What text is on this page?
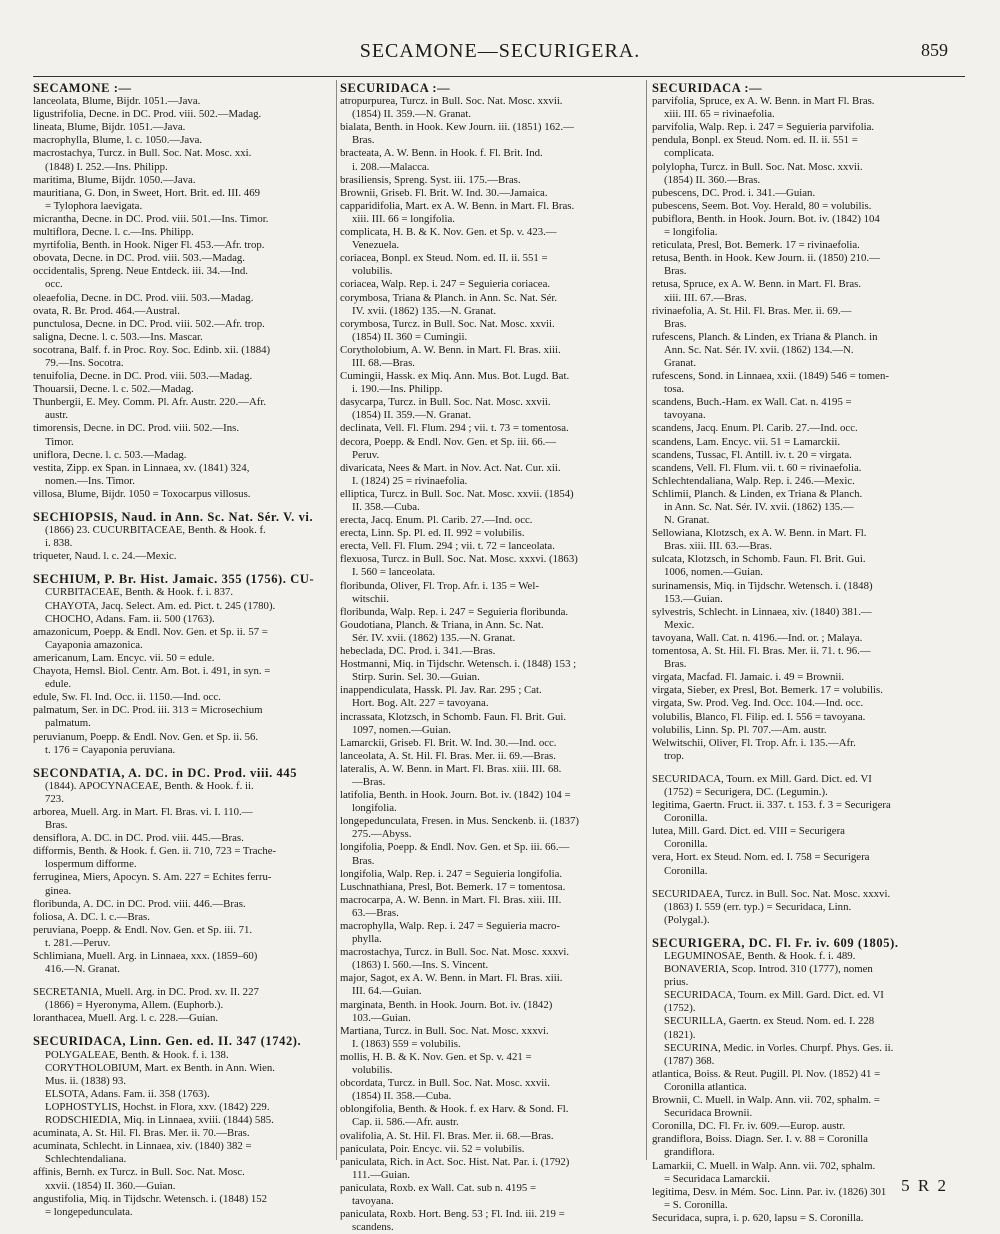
SECAMONE—SECURIGERA.	859
SECAMONE :—
lanceolata, Blume, Bijdr. 1051.—Java.
ligustrifolia, Decne. in DC. Prod. viii. 502.—Madag.
lineata, Blume, Bijdr. 1051.—Java.
macrophylla, Blume, l. c. 1050.—Java.
macrostachya, Turcz. in Bull. Soc. Nat. Mosc. xxi.
(1848) I. 252.—Ins. Philipp.
maritima, Blume, Bijdr. 1050.—Java.
mauritiana, G. Don, in Sweet, Hort. Brit. ed. III. 469
= Tylophora laevigata.
micrantha, Decne. in DC. Prod. viii. 501.—Ins. Timor.
multiflora, Decne. l. c.—Ins. Philipp.
myrtifolia, Benth. in Hook. Niger Fl. 453.—Afr. trop.
obovata, Decne. in DC. Prod. viii. 503.—Madag.
occidentalis, Spreng. Neue Entdeck. iii. 34.—Ind.
occ.
oleaefolia, Decne. in DC. Prod. viii. 503.—Madag.
ovata, R. Br. Prod. 464.—Austral.
punctulosa, Decne. in DC. Prod. viii. 502.—Afr. trop.
saligna, Decne. l. c. 503.—Ins. Mascar.
socotrana, Balf. f. in Proc. Roy. Soc. Edinb. xii. (1884)
79.—Ins. Socotra.
tenuifolia, Decne. in DC. Prod. viii. 503.—Madag.
Thouarsii, Decne. l. c. 502.—Madag.
Thunbergii, E. Mey. Comm. Pl. Afr. Austr. 220.—Afr.
austr.
timorensis, Decne. in DC. Prod. viii. 502.—Ins.
Timor.
uniflora, Decne. l. c. 503.—Madag.
vestita, Zipp. ex Span. in Linnaea, xv. (1841) 324,
nomen.—Ins. Timor.
villosa, Blume, Bijdr. 1050 = Toxocarpus villosus.
SECHIOPSIS, Naud. in Ann. Sc. Nat. Sér. V. vi.
(1866) 23. CUCURBITACEAE, Benth. & Hook. f.
i. 838.
triqueter, Naud. l. c. 24.—Mexic.
SECHIUM, P. Br. Hist. Jamaic. 355 (1756). CU-
CURBITACEAE, Benth. & Hook. f. i. 837.
CHAYOTA, Jacq. Select. Am. ed. Pict. t. 245 (1780).
CHOCHO, Adans. Fam. ii. 500 (1763).
amazonicum, Poepp. & Endl. Nov. Gen. et Sp. ii. 57 =
Cayaponia amazonica.
americanum, Lam. Encyc. vii. 50 = edule.
Chayota, Hemsl. Biol. Centr. Am. Bot. i. 491, in syn. =
edule.
edule, Sw. Fl. Ind. Occ. ii. 1150.—Ind. occ.
palmatum, Ser. in DC. Prod. iii. 313 = Microsechium
palmatum.
peruvianum, Poepp. & Endl. Nov. Gen. et Sp. ii. 56.
t. 176 = Cayaponia peruviana.
SECONDATIA, A. DC. in DC. Prod. viii. 445
(1844). APOCYNACEAE, Benth. & Hook. f. ii.
723.
arborea, Muell. Arg. in Mart. Fl. Bras. vi. I. 110.—
Bras.
densiflora, A. DC. in DC. Prod. viii. 445.—Bras.
difformis, Benth. & Hook. f. Gen. ii. 710, 723 = Trache-
lospermum difforme.
ferruginea, Miers, Apocyn. S. Am. 227 = Echites ferru-
ginea.
floribunda, A. DC. in DC. Prod. viii. 446.—Bras.
foliosa, A. DC. l. c.—Bras.
peruviana, Poepp. & Endl. Nov. Gen. et Sp. iii. 71.
t. 281.—Peruv.
Schlimiana, Muell. Arg. in Linnaea, xxx. (1859–60)
416.—N. Granat.
SECRETANIA, Muell. Arg. in DC. Prod. xv. II. 227
(1866) = Hyeronyma, Allem. (Euphorb.).
loranthacea, Muell. Arg. l. c. 228.—Guian.
SECURIDACA, Linn. Gen. ed. II. 347 (1742).
POLYGALEAE, Benth. & Hook. f. i. 138.
CORYTHOLOBIUM, Mart. ex Benth. in Ann. Wien.
Mus. ii. (1838) 93.
ELSOTA, Adans. Fam. ii. 358 (1763).
LOPHOSTYLIS, Hochst. in Flora, xxv. (1842) 229.
RODSCHIEDIA, Miq. in Linnaea, xviii. (1844) 585.
acuminata, A. St. Hil. Fl. Bras. Mer. ii. 70.—Bras.
acuminata, Schlecht. in Linnaea, xiv. (1840) 382 =
Schlechtendaliana.
affinis, Bernh. ex Turcz. in Bull. Soc. Nat. Mosc.
xxvii. (1854) II. 360.—Guian.
angustifolia, Miq. in Tijdschr. Wetensch. i. (1848) 152
= longepedunculata.
SECURIDACA :—
atropurpurea, Turcz. in Bull. Soc. Nat. Mosc. xxvii.
(1854) II. 359.—N. Granat.
bialata, Benth. in Hook. Kew Journ. iii. (1851) 162.—
Bras.
bracteata, A. W. Benn. in Hook. f. Fl. Brit. Ind.
i. 208.—Malacca.
brasiliensis, Spreng. Syst. iii. 175.—Bras.
Brownii, Griseb. Fl. Brit. W. Ind. 30.—Jamaica.
capparidifolia, Mart. ex A. W. Benn. in Mart. Fl. Bras.
xiii. III. 66 = longifolia.
complicata, H. B. & K. Nov. Gen. et Sp. v. 423.—
Venezuela.
coriacea, Bonpl. ex Steud. Nom. ed. II. ii. 551 =
volubilis.
coriacea, Walp. Rep. i. 247 = Seguieria coriacea.
corymbosa, Triana & Planch. in Ann. Sc. Nat. Sér.
IV. xvii. (1862) 135.—N. Granat.
corymbosa, Turcz. in Bull. Soc. Nat. Mosc. xxvii.
(1854) II. 360 = Cumingii.
Corytholobium, A. W. Benn. in Mart. Fl. Bras. xiii.
III. 68.—Bras.
Cumingii, Hassk. ex Miq. Ann. Mus. Bot. Lugd. Bat.
i. 190.—Ins. Philipp.
dasycarpa, Turcz. in Bull. Soc. Nat. Mosc. xxvii.
(1854) II. 359.—N. Granat.
declinata, Vell. Fl. Flum. 294 ; vii. t. 73 = tomentosa.
decora, Poepp. & Endl. Nov. Gen. et Sp. iii. 66.—
Peruv.
divaricata, Nees & Mart. in Nov. Act. Nat. Cur. xii.
I. (1824) 25 = rivinaefolia.
elliptica, Turcz. in Bull. Soc. Nat. Mosc. xxvii. (1854)
II. 358.—Cuba.
erecta, Jacq. Enum. Pl. Carib. 27.—Ind. occ.
erecta, Linn. Sp. Pl. ed. II. 992 = volubilis.
erecta, Vell. Fl. Flum. 294 ; vii. t. 72 = lanceolata.
flexuosa, Turcz. in Bull. Soc. Nat. Mosc. xxxvi. (1863)
I. 560 = lanceolata.
floribunda, Oliver, Fl. Trop. Afr. i. 135 = Wel-
witschii.
floribunda, Walp. Rep. i. 247 = Seguieria floribunda.
Goudotiana, Planch. & Triana, in Ann. Sc. Nat.
Sér. IV. xvii. (1862) 135.—N. Granat.
hebeclada, DC. Prod. i. 341.—Bras.
Hostmanni, Miq. in Tijdschr. Wetensch. i. (1848) 153 ;
Stirp. Surin. Sel. 30.—Guian.
inappendiculata, Hassk. Pl. Jav. Rar. 295 ; Cat.
Hort. Bog. Alt. 227 = tavoyana.
incrassata, Klotzsch, in Schomb. Faun. Fl. Brit. Gui.
1097, nomen.—Guian.
Lamarckii, Griseb. Fl. Brit. W. Ind. 30.—Ind. occ.
lanceolata, A. St. Hil. Fl. Bras. Mer. ii. 69.—Bras.
lateralis, A. W. Benn. in Mart. Fl. Bras. xiii. III. 68.
—Bras.
latifolia, Benth. in Hook. Journ. Bot. iv. (1842) 104 =
longifolia.
longepedunculata, Fresen. in Mus. Senckenb. ii. (1837)
275.—Abyss.
longifolia, Poepp. & Endl. Nov. Gen. et Sp. iii. 66.—
Bras.
longifolia, Walp. Rep. i. 247 = Seguieria longifolia.
Luschnathiana, Presl, Bot. Bemerk. 17 = tomentosa.
macrocarpa, A. W. Benn. in Mart. Fl. Bras. xiii. III.
63.—Bras.
macrophylla, Walp. Rep. i. 247 = Seguieria macro-
phylla.
macrostachya, Turcz. in Bull. Soc. Nat. Mosc. xxxvi.
(1863) I. 560.—Ins. S. Vincent.
major, Sagot, ex A. W. Benn. in Mart. Fl. Bras. xiii.
III. 64.—Guian.
marginata, Benth. in Hook. Journ. Bot. iv. (1842)
103.—Guian.
Martiana, Turcz. in Bull. Soc. Nat. Mosc. xxxvi.
I. (1863) 559 = volubilis.
mollis, H. B. & K. Nov. Gen. et Sp. v. 421 =
volubilis.
obcordata, Turcz. in Bull. Soc. Nat. Mosc. xxvii.
(1854) II. 358.—Cuba.
oblongifolia, Benth. & Hook. f. ex Harv. & Sond. Fl.
Cap. ii. 586.—Afr. austr.
ovalifolia, A. St. Hil. Fl. Bras. Mer. ii. 68.—Bras.
paniculata, Poir. Encyc. vii. 52 = volubilis.
paniculata, Rich. in Act. Soc. Hist. Nat. Par. i. (1792)
111.—Guian.
paniculata, Roxb. ex Wall. Cat. sub n. 4195 =
tavoyana.
paniculata, Roxb. Hort. Beng. 53 ; Fl. Ind. iii. 219 =
scandens.
SECURIDACA :—
parvifolia, Spruce, ex A. W. Benn. in Mart Fl. Bras.
xiii. III. 65 = rivinaefolia.
parvifolia, Walp. Rep. i. 247 = Seguieria parvifolia.
pendula, Bonpl. ex Steud. Nom. ed. II. ii. 551 =
complicata.
polylopha, Turcz. in Bull. Soc. Nat. Mosc. xxvii.
(1854) II. 360.—Bras.
pubescens, DC. Prod. i. 341.—Guian.
pubescens, Seem. Bot. Voy. Herald, 80 = volubilis.
pubiflora, Benth. in Hook. Journ. Bot. iv. (1842) 104
= longifolia.
reticulata, Presl, Bot. Bemerk. 17 = rivinaefolia.
retusa, Benth. in Hook. Kew Journ. ii. (1850) 210.—
Bras.
retusa, Spruce, ex A. W. Benn. in Mart. Fl. Bras.
xiii. III. 67.—Bras.
rivinaefolia, A. St. Hil. Fl. Bras. Mer. ii. 69.—
Bras.
rufescens, Planch. & Linden, ex Triana & Planch. in
Ann. Sc. Nat. Sér. IV. xvii. (1862) 134.—N.
Granat.
rufescens, Sond. in Linnaea, xxii. (1849) 546 = tomen-
tosa.
scandens, Buch.-Ham. ex Wall. Cat. n. 4195 =
tavoyana.
scandens, Jacq. Enum. Pl. Carib. 27.—Ind. occ.
scandens, Lam. Encyc. vii. 51 = Lamarckii.
scandens, Tussac, Fl. Antill. iv. t. 20 = virgata.
scandens, Vell. Fl. Flum. vii. t. 60 = rivinaefolia.
Schlechtendaliana, Walp. Rep. i. 246.—Mexic.
Schlimii, Planch. & Linden, ex Triana & Planch.
in Ann. Sc. Nat. Sér. IV. xvii. (1862) 135.—
N. Granat.
Sellowiana, Klotzsch, ex A. W. Benn. in Mart. Fl.
Bras. xiii. III. 63.—Bras.
sulcata, Klotzsch, in Schomb. Faun. Fl. Brit. Gui.
1006, nomen.—Guian.
surinamensis, Miq. in Tijdschr. Wetensch. i. (1848)
153.—Guian.
sylvestris, Schlecht. in Linnaea, xiv. (1840) 381.—
Mexic.
tavoyana, Wall. Cat. n. 4196.—Ind. or. ; Malaya.
tomentosa, A. St. Hil. Fl. Bras. Mer. ii. 71. t. 96.—
Bras.
virgata, Macfad. Fl. Jamaic. i. 49 = Brownii.
virgata, Sieber, ex Presl, Bot. Bemerk. 17 = volubilis.
virgata, Sw. Prod. Veg. Ind. Occ. 104.—Ind. occ.
volubilis, Blanco, Fl. Filip. ed. I. 556 = tavoyana.
volubilis, Linn. Sp. Pl. 707.—Am. austr.
Welwitschii, Oliver, Fl. Trop. Afr. i. 135.—Afr.
trop.
SECURIDACA, Tourn. ex Mill. Gard. Dict. ed. VI
(1752) = Securigera, DC. (Legumin.).
legitima, Gaertn. Fruct. ii. 337. t. 153. f. 3 = Securigera
Coronilla.
lutea, Mill. Gard. Dict. ed. VIII = Securigera
Coronilla.
vera, Hort. ex Steud. Nom. ed. I. 758 = Securigera
Coronilla.
SECURIDAEA, Turcz. in Bull. Soc. Nat. Mosc. xxxvi.
(1863) I. 559 (err. typ.) = Securidaca, Linn.
(Polygal.).
SECURIGERA, DC. Fl. Fr. iv. 609 (1805).
LEGUMINOSAE, Benth. & Hook. f. i. 489.
BONAVERIA, Scop. Introd. 310 (1777), nomen
prius.
SECURIDACA, Tourn. ex Mill. Gard. Dict. ed. VI
(1752).
SECURILLA, Gaertn. ex Steud. Nom. ed. I. 228
(1821).
SECURINA, Medic. in Vorles. Churpf. Phys. Ges. ii.
(1787) 368.
atlantica, Boiss. & Reut. Pugill. Pl. Nov. (1852) 41 =
Coronilla atlantica.
Brownii, C. Muell. in Walp. Ann. vii. 702, sphalm. =
Securidaca Brownii.
Coronilla, DC. Fl. Fr. iv. 609.—Europ. austr.
grandiflora, Boiss. Diagn. Ser. I. v. 88 = Coronilla
grandiflora.
Lamarkii, C. Muell. in Walp. Ann. vii. 702, sphalm.
= Securidaca Lamarckii.
legitima, Desv. in Mém. Soc. Linn. Par. iv. (1826) 301
= S. Coronilla.
Securidaca, supra, i. p. 620, lapsu = S. Coronilla.
5 R 2
